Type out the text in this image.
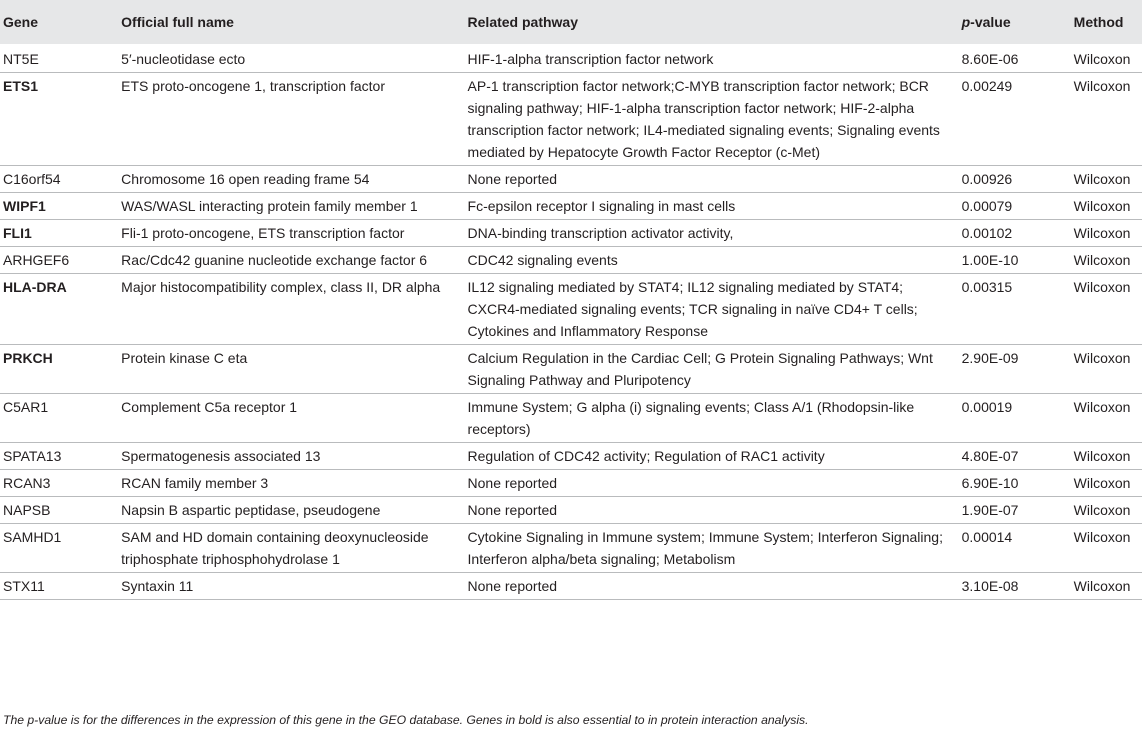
Gene	Official full name	Related pathway	p-value	Method
NT5E	5′-nucleotidase ecto	HIF-1-alpha transcription factor network	8.60E-06	Wilcoxon
ETS1	ETS proto-oncogene 1, transcription factor	AP-1 transcription factor network;C-MYB transcription factor network; BCR signaling pathway; HIF-1-alpha transcription factor network; HIF-2-alpha transcription factor network; IL4-mediated signaling events; Signaling events mediated by Hepatocyte Growth Factor Receptor (c-Met)	0.00249	Wilcoxon
C16orf54	Chromosome 16 open reading frame 54	None reported	0.00926	Wilcoxon
WIPF1	WAS/WASL interacting protein family member 1	Fc-epsilon receptor I signaling in mast cells	0.00079	Wilcoxon
FLI1	Fli-1 proto-oncogene, ETS transcription factor	DNA-binding transcription activator activity,	0.00102	Wilcoxon
ARHGEF6	Rac/Cdc42 guanine nucleotide exchange factor 6	CDC42 signaling events	1.00E-10	Wilcoxon
HLA-DRA	Major histocompatibility complex, class II, DR alpha	IL12 signaling mediated by STAT4; IL12 signaling mediated by STAT4; CXCR4-mediated signaling events; TCR signaling in naïve CD4+ T cells; Cytokines and Inflammatory Response	0.00315	Wilcoxon
PRKCH	Protein kinase C eta	Calcium Regulation in the Cardiac Cell; G Protein Signaling Pathways; Wnt Signaling Pathway and Pluripotency	2.90E-09	Wilcoxon
C5AR1	Complement C5a receptor 1	Immune System; G alpha (i) signaling events; Class A/1 (Rhodopsin-like receptors)	0.00019	Wilcoxon
SPATA13	Spermatogenesis associated 13	Regulation of CDC42 activity; Regulation of RAC1 activity	4.80E-07	Wilcoxon
RCAN3	RCAN family member 3	None reported	6.90E-10	Wilcoxon
NAPSB	Napsin B aspartic peptidase, pseudogene	None reported	1.90E-07	Wilcoxon
SAMHD1	SAM and HD domain containing deoxynucleoside triphosphate triphosphohydrolase 1	Cytokine Signaling in Immune system; Immune System; Interferon Signaling; Interferon alpha/beta signaling; Metabolism	0.00014	Wilcoxon
STX11	Syntaxin 11	None reported	3.10E-08	Wilcoxon
The p-value is for the differences in the expression of this gene in the GEO database. Genes in bold is also essential to in protein interaction analysis.
